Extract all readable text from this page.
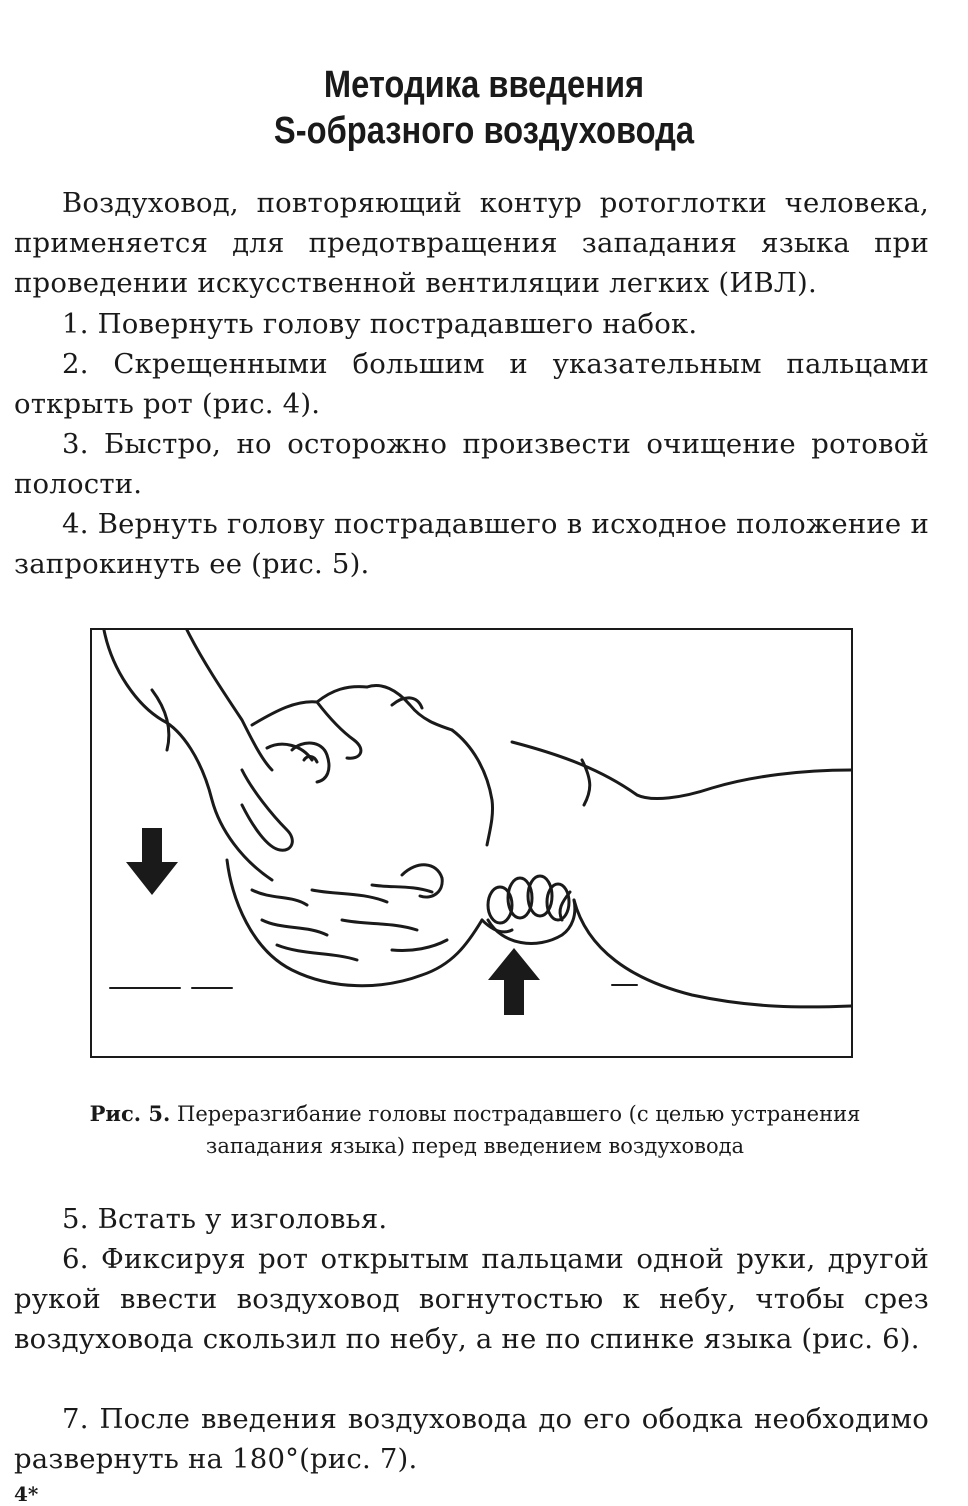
Методика введения
S-образного воздуховода
Воздуховод, повторяющий контур ротоглотки человека, применяется для предотвращения западания языка при проведении искусственной вентиляции легких (ИВЛ).
1. Повернуть голову пострадавшего набок.
2. Скрещенными большим и указательным пальцами открыть рот (рис. 4).
3. Быстро, но осторожно произвести очищение ротовой полости.
4. Вернуть голову пострадавшего в исходное положение и запрокинуть ее (рис. 5).
Рис. 5. Переразгибание головы пострадавшего (с целью устранения западания языка) перед введением воздуховода
5. Встать у изголовья.
6. Фиксируя рот открытым пальцами одной руки, другой рукой ввести воздуховод вогнутостью к небу, чтобы срез воздуховода скользил по небу, а не по спинке языка (рис. 6).
7. После введения воздуховода до его ободка необходимо развернуть на 180°(рис. 7).
4*
